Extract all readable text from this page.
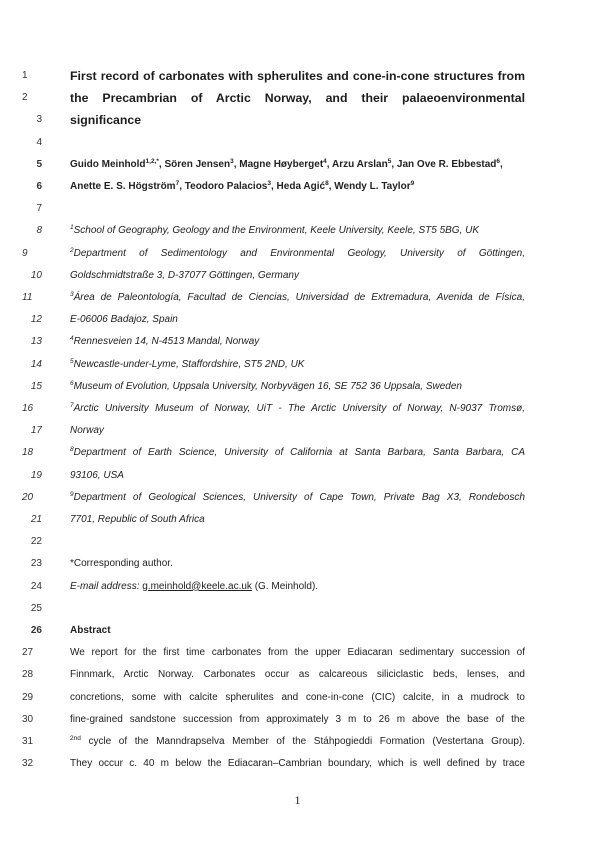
1	First record of carbonates with spherulites and cone-in-cone structures from
2	the Precambrian of Arctic Norway, and their palaeoenvironmental
3 significance
4
5	Guido Meinhold$^{1,2,*}$, Sören Jensen$^3$, Magne Høyberget$^4$, Arzu Arslan$^5$, Jan Ove R. Ebbestad$^6$,
6	Anette E. S. Högström$^7$, Teodoro Palacios$^3$, Heda Agić$^8$, Wendy L. Taylor$^9$
7
8	$^1$School of Geography, Geology and the Environment, Keele University, Keele, ST5 5BG, UK
9	$^2$Department of Sedimentology and Environmental Geology, University of Göttingen,
10	Goldschmidtstraße 3, D-37077 Göttingen, Germany
11	$^3$Área de Paleontología, Facultad de Ciencias, Universidad de Extremadura, Avenida de Física,
12	E-06006 Badajoz, Spain
13	$^4$Rennesveien 14, N-4513 Mandal, Norway
14	$^5$Newcastle-under-Lyme, Staffordshire, ST5 2ND, UK
15	$^6$Museum of Evolution, Uppsala University, Norbyvägen 16, SE 752 36 Uppsala, Sweden
16	$^7$Arctic University Museum of Norway, UiT - The Arctic University of Norway, N-9037 Tromsø,
17	Norway
18	$^8$Department of Earth Science, University of California at Santa Barbara, Santa Barbara, CA
19	93106, USA
20	$^9$Department of Geological Sciences, University of Cape Town, Private Bag X3, Rondebosch
21	7701, Republic of South Africa
22
23	*Corresponding author.
24	E-mail address: g.meinhold@keele.ac.uk (G. Meinhold).
25
26	Abstract
27	We report for the first time carbonates from the upper Ediacaran sedimentary succession of
28	Finnmark, Arctic Norway. Carbonates occur as calcareous siliciclastic beds, lenses, and
29	concretions, some with calcite spherulites and cone-in-cone (CIC) calcite, in a mudrock to
30	fine-grained sandstone succession from approximately 3 m to 26 m above the base of the
31	$^{2nd}$ cycle of the Manndrapselva Member of the Stáhpogieddi Formation (Vestertana Group).
32	They occur c. 40 m below the Ediacaran–Cambrian boundary, which is well defined by trace
1
